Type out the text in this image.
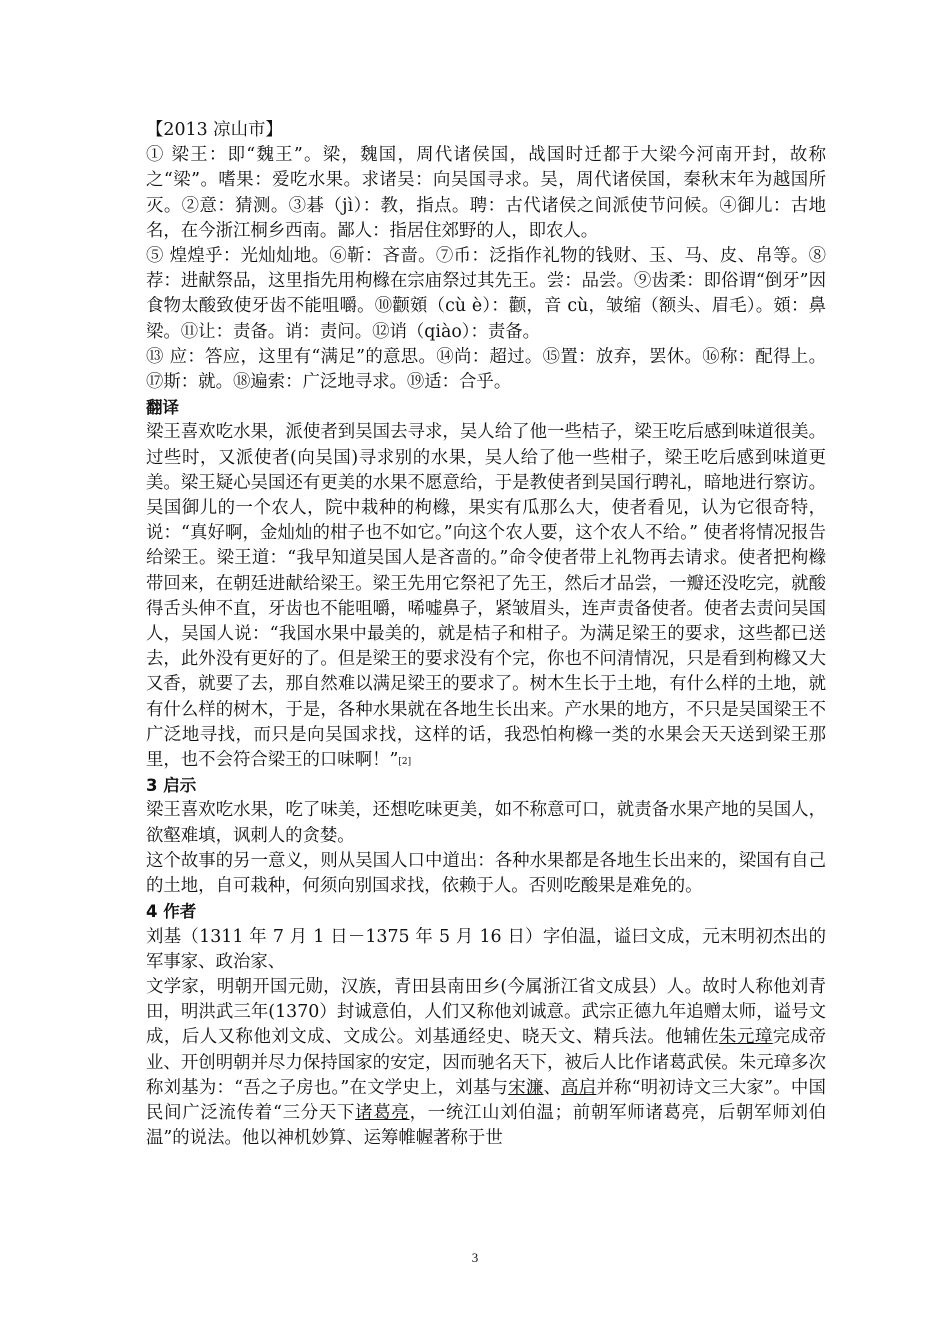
【2013 凉山市】

① 梁王：即“魏王”。梁，魏国，周代诸侯国，战国时迁都于大梁今河南开封，故称之“梁”。嗜果：爱吃水果。求诸吴：向吴国寻求。吴，周代诸侯国，秦秋末年为越国所灭。②意：猜测。③碁（jì）：教，指点。聘：古代诸侯之间派使节问候。④御儿：古地名，在今浙江桐乡西南。鄙人：指居住郊野的人，即农人。

⑤ 煌煌乎：光灿灿地。⑥靳：吝啬。⑦币：泛指作礼物的钱财、玉、马、皮、帛等。⑧荐：进献祭品，这里指先用枸橼在宗庙祭过其先王。尝：品尝。⑨齿柔：即俗谓“倒牙”因食物太酸致使牙齿不能咀嚼。⑩颧頞（cù è）：颧，音 cù，皱缩（额头、眉毛）。頞：鼻梁。⑪让：责备。诮：责问。⑫诮（qiào）：责备。

⑬ 应：答应，这里有“满足”的意思。⑭尚：超过。⑮置：放弃，罢休。⑯称：配得上。⑰斯：就。⑱遍索：广泛地寻求。⑲适：合乎。

翻译

梁王喜欢吃水果，派使者到吴国去寻求，吴人给了他一些桔子，梁王吃后感到味道很美。过些时，又派使者(向吴国)寻求别的水果，吴人给了他一些柑子，梁王吃后感到味道更美。梁王疑心吴国还有更美的水果不愿意给，于是教使者到吴国行聘礼，暗地进行察访。吴国御儿的一个农人，院中栽种的枸橼，果实有瓜那么大，使者看见，认为它很奇特，说：“真好啊，金灿灿的柑子也不如它。”向这个农人要，这个农人不给。” 使者将情况报告给梁王。梁王道：“我早知道吴国人是吝啬的。”命令使者带上礼物再去请求。使者把枸橼带回来，在朝廷进献给梁王。梁王先用它祭祀了先王，然后才品尝，一瓣还没吃完，就酸得舌头伸不直，牙齿也不能咀嚼，唏嘘鼻子，紧皱眉头，连声责备使者。使者去责问吴国人，吴国人说：“我国水果中最美的，就是桔子和柑子。为满足梁王的要求，这些都已送去，此外没有更好的了。但是梁王的要求没有个完，你也不问清情况，只是看到枸橼又大又香，就要了去，那自然难以满足梁王的要求了。树木生长于土地，有什么样的土地，就有什么样的树木，于是，各种水果就在各地生长出来。产水果的地方，不只是吴国梁王不广泛地寻找，而只是向吴国求找，这样的话，我恐怕枸橼一类的水果会天天送到梁王那里，也不会符合梁王的口味啊！”[2]

3 启示

梁王喜欢吃水果，吃了味美，还想吃味更美，如不称意可口，就责备水果产地的吴国人，欲壑难填，讽刺人的贪婪。

这个故事的另一意义，则从吴国人口中道出：各种水果都是各地生长出来的，梁国有自己的土地，自可栽种，何须向别国求找，依赖于人。否则吃酸果是难免的。

4 作者

刘基（1311 年 7 月 1 日－1375 年 5 月 16 日）字伯温，谥曰文成，元末明初杰出的军事家、政治家、

文学家，明朝开国元勋，汉族，青田县南田乡(今属浙江省文成县）人。故时人称他刘青田，明洪武三年(1370）封诚意伯，人们又称他刘诚意。武宗正德九年追赠太师，谥号文成，后人又称他刘文成、文成公。刘基通经史、晓天文、精兵法。他辅佐朱元璋完成帝业、开创明朝并尽力保持国家的安定，因而驰名天下，被后人比作诸葛武侯。朱元璋多次称刘基为：“吾之子房也。”在文学史上，刘基与宋濂、高启并称“明初诗文三大家”。中国民间广泛流传着“三分天下诸葛亮，一统江山刘伯温；前朝军师诸葛亮，后朝军师刘伯温”的说法。他以神机妙算、运筹帷幄著称于世

3
